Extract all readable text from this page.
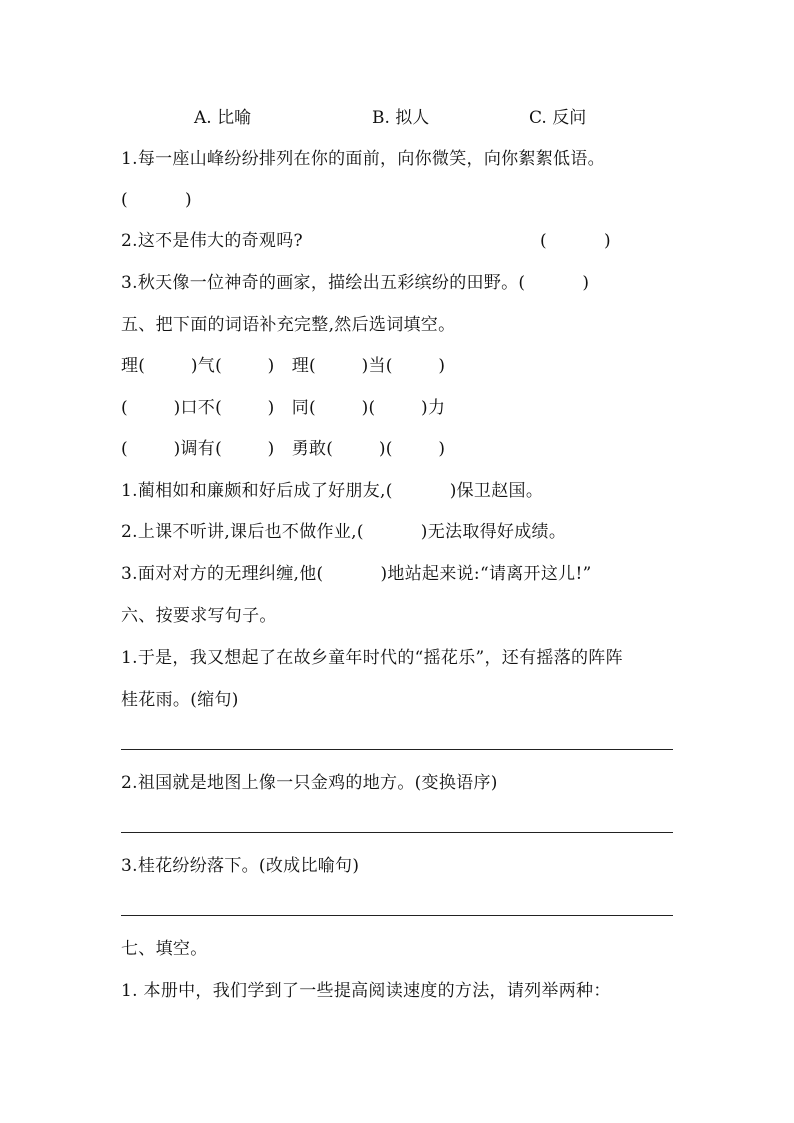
A. 比喻	B. 拟人	C. 反问
1.每一座山峰纷纷排列在你的面前，向你微笑，向你絮絮低语。
(          )
2.这不是伟大的奇观吗?	(          )
3.秋天像一位神奇的画家，描绘出五彩缤纷的田野。(          )
五、把下面的词语补充完整,然后选词填空。
理(        )气(        )   理(        )当(        )
(        )口不(        )   同(        )(        )力
(        )调有(        )   勇敢(        )(        )
1.蔺相如和廉颇和好后成了好朋友,(          )保卫赵国。
2.上课不听讲,课后也不做作业,(          )无法取得好成绩。
3.面对对方的无理纠缠,他(          )地站起来说:“请离开这儿!”
六、按要求写句子。
1.于是，我又想起了在故乡童年时代的“摇花乐”，还有摇落的阵阵
桂花雨。(缩句)
2.祖国就是地图上像一只金鸡的地方。(变换语序)
3.桂花纷纷落下。(改成比喻句)
七、填空。
1. 本册中，我们学到了一些提高阅读速度的方法，请列举两种：
